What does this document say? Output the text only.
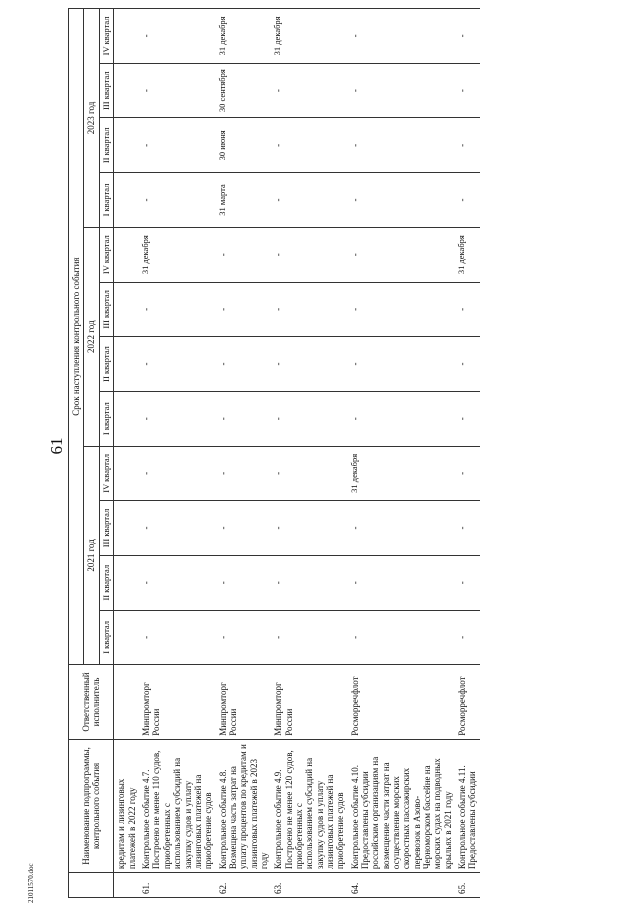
61
21011570.doc
	Наименование подпрограммы, контрольного события	Ответственный исполнитель	Срок наступления контрольного события											
			2021 год				2022 год				2023 год			
			I квартал	II квартал	III квартал	IV квартал	I квартал	II квартал	III квартал	IV квартал	I квартал	II квартал	III квартал	IV квартал
	кредитам и лизинговых платежей в 2022 году													
61.	Контрольное событие 4.7. Построено не менее 110 судов, приобретенных с использованием субсидий на закупку судов и уплату лизинговых платежей на приобретение судов	Минпромторг России	-	-	-	-	-	-	-	31 декабря	-	-	-	-
62.	Контрольное событие 4.8. Возмещена часть затрат на уплату процентов по кредитам и лизинговых платежей в 2023 году	Минпромторг России	-	-	-	-	-	-	-	-	31 марта	30 июня	30 сентября	31 декабря
63.	Контрольное событие 4.9. Построено не менее 120 судов, приобретенных с использованием субсидий на закупку судов и уплату лизинговых платежей на приобретение судов	Минпромторг России	-	-	-	-	-	-	-	-	-	-	-	31 декабря
64.	Контрольное событие 4.10. Предоставлены субсидии российским организациям на возмещение части затрат на осуществление морских скоростных пассажирских перевозок в Азово-Черноморском бассейне на морских судах на подводных крыльях в 2021 году	Росморречфлот	-	-	-	31 декабря	-	-	-	-	-	-	-	-
65.	Контрольное событие 4.11. Предоставлены субсидии	Росморречфлот	-	-	-	-	-	-	-	31 декабря	-	-	-	-
